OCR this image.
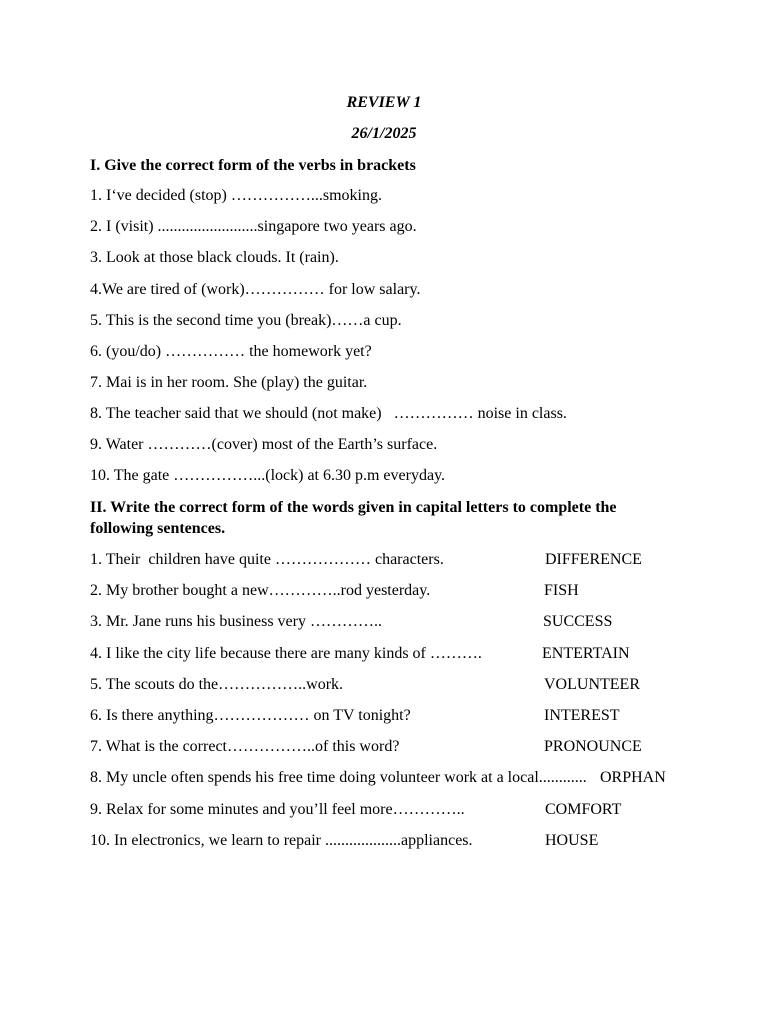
REVIEW 1
26/1/2025
I. Give the correct form of the verbs in brackets
1. I‘ve decided (stop) ……………...smoking.
2. I (visit) .........................singapore two years ago.
3. Look at those black clouds. It (rain).
4.We are tired of (work)…………… for low salary.
5. This is the second time you (break)……a cup.
6. (you/do) …………… the homework yet?
7. Mai is in her room. She (play) the guitar.
8. The teacher said that we should (not make)   …………… noise in class.
9. Water …………(cover) most of the Earth’s surface.
10. The gate ……………...(lock) at 6.30 p.m everyday.
II. Write the correct form of the words given in capital letters to complete the following sentences.
1. Their  children have quite ……………… characters.	DIFFERENCE
2. My brother bought a new…………..rod yesterday.	FISH
3. Mr. Jane runs his business very …………..	SUCCESS
4. I like the city life because there are many kinds of ……….	ENTERTAIN
5. The scouts do the……………..work.	VOLUNTEER
6. Is there anything……………… on TV tonight?	INTEREST
7. What is the correct……………..of this word?	PRONOUNCE
8. My uncle often spends his free time doing volunteer work at a local............ ORPHAN
9. Relax for some minutes and you’ll feel more…………..	COMFORT
10. In electronics, we learn to repair ...................appliances.	HOUSE
